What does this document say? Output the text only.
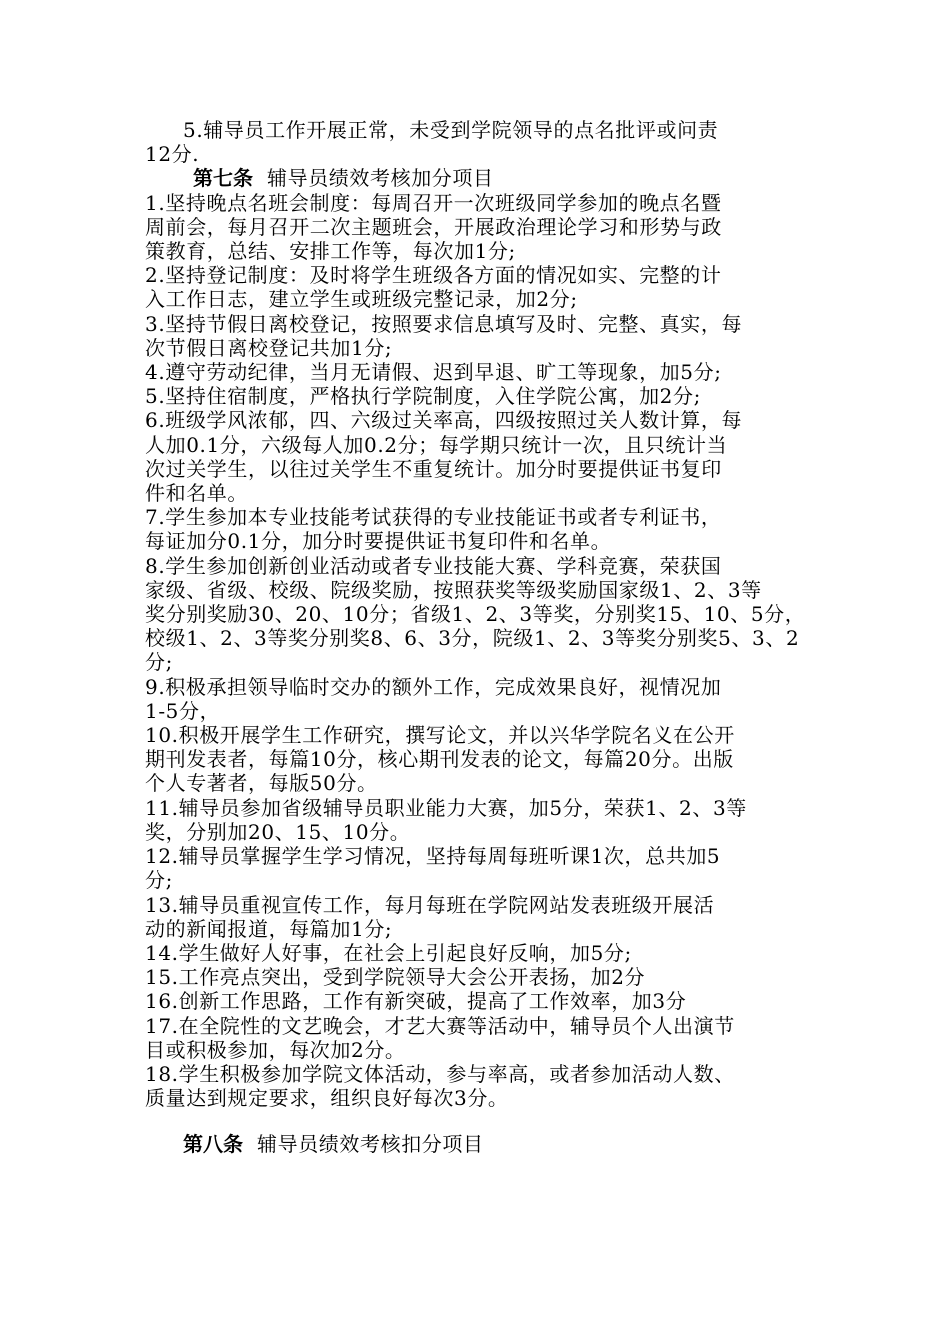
5.辅导员工作开展正常，未受到学院领导的点名批评或问责
12分.
第七条 辅导员绩效考核加分项目
1.坚持晚点名班会制度：每周召开一次班级同学参加的晚点名暨
周前会，每月召开二次主题班会，开展政治理论学习和形势与政
策教育，总结、安排工作等，每次加1分;
2.坚持登记制度：及时将学生班级各方面的情况如实、完整的计
入工作日志，建立学生或班级完整记录，加2分;
3.坚持节假日离校登记，按照要求信息填写及时、完整、真实，每
次节假日离校登记共加1分;
4.遵守劳动纪律，当月无请假、迟到早退、旷工等现象，加5分;
5.坚持住宿制度，严格执行学院制度，入住学院公寓，加2分;
6.班级学风浓郁，四、六级过关率高，四级按照过关人数计算，每
人加0.1分，六级每人加0.2分；每学期只统计一次，且只统计当
次过关学生，以往过关学生不重复统计。加分时要提供证书复印
件和名单。
7.学生参加本专业技能考试获得的专业技能证书或者专利证书，
每证加分0.1分，加分时要提供证书复印件和名单。
8.学生参加创新创业活动或者专业技能大赛、学科竞赛，荣获国
家级、省级、校级、院级奖励，按照获奖等级奖励国家级1、2、3等
奖分别奖励30、20、10分；省级1、2、3等奖，分别奖15、10、5分，
校级1、2、3等奖分别奖8、6、3分，院级1、2、3等奖分别奖5、3、2
分;
9.积极承担领导临时交办的额外工作，完成效果良好，视情况加
1-5分，
10.积极开展学生工作研究，撰写论文，并以兴华学院名义在公开
期刊发表者，每篇10分，核心期刊发表的论文，每篇20分。出版
个人专著者，每版50分。
11.辅导员参加省级辅导员职业能力大赛，加5分，荣获1、2、3等
奖，分别加20、15、10分。
12.辅导员掌握学生学习情况，坚持每周每班听课1次，总共加5
分;
13.辅导员重视宣传工作，每月每班在学院网站发表班级开展活
动的新闻报道，每篇加1分;
14.学生做好人好事，在社会上引起良好反响，加5分;
15.工作亮点突出，受到学院领导大会公开表扬，加2分
16.创新工作思路，工作有新突破，提高了工作效率，加3分
17.在全院性的文艺晚会，才艺大赛等活动中，辅导员个人出演节
目或积极参加，每次加2分。
18.学生积极参加学院文体活动，参与率高，或者参加活动人数、
质量达到规定要求，组织良好每次3分。
第八条 辅导员绩效考核扣分项目
